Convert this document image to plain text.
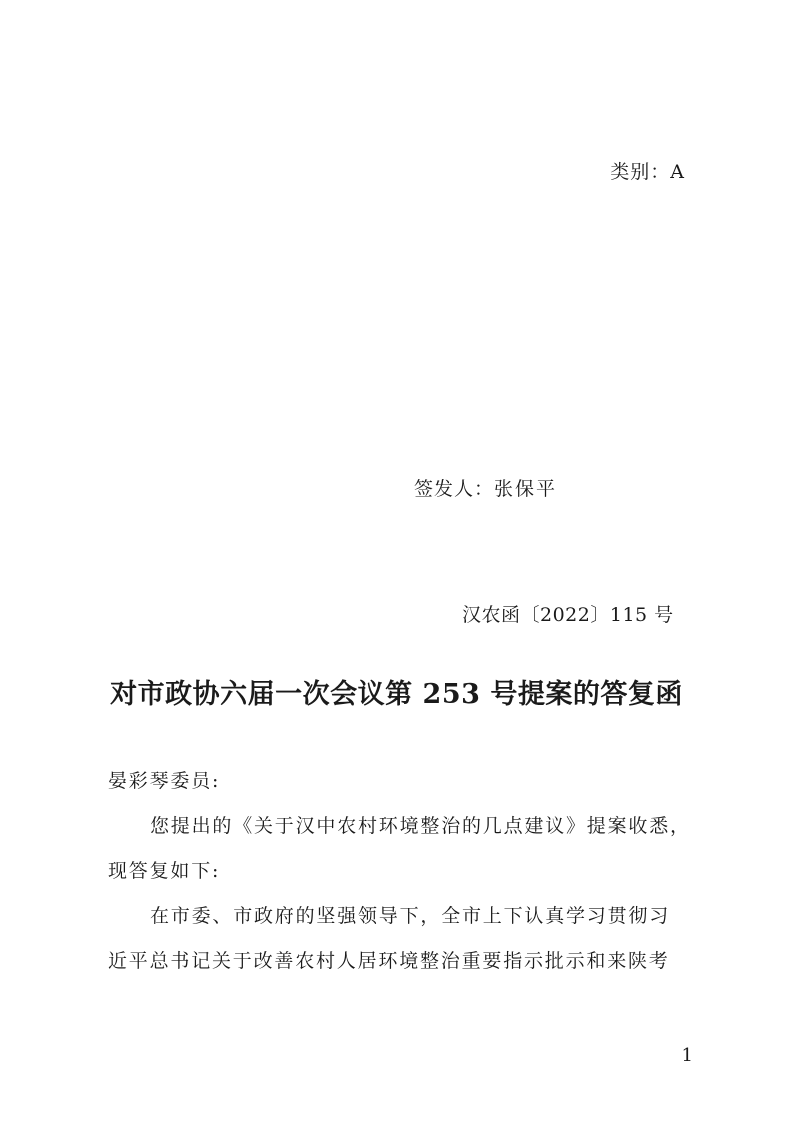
类别：A
签发人：张保平
汉农函〔2022〕115 号
对市政协六届一次会议第 253 号提案的答复函

晏彩琴委员:

您提出的《关于汉中农村环境整治的几点建议》提案收悉，

现答复如下:

在市委、市政府的坚强领导下，全市上下认真学习贯彻习

近平总书记关于改善农村人居环境整治重要指示批示和来陕考

1
